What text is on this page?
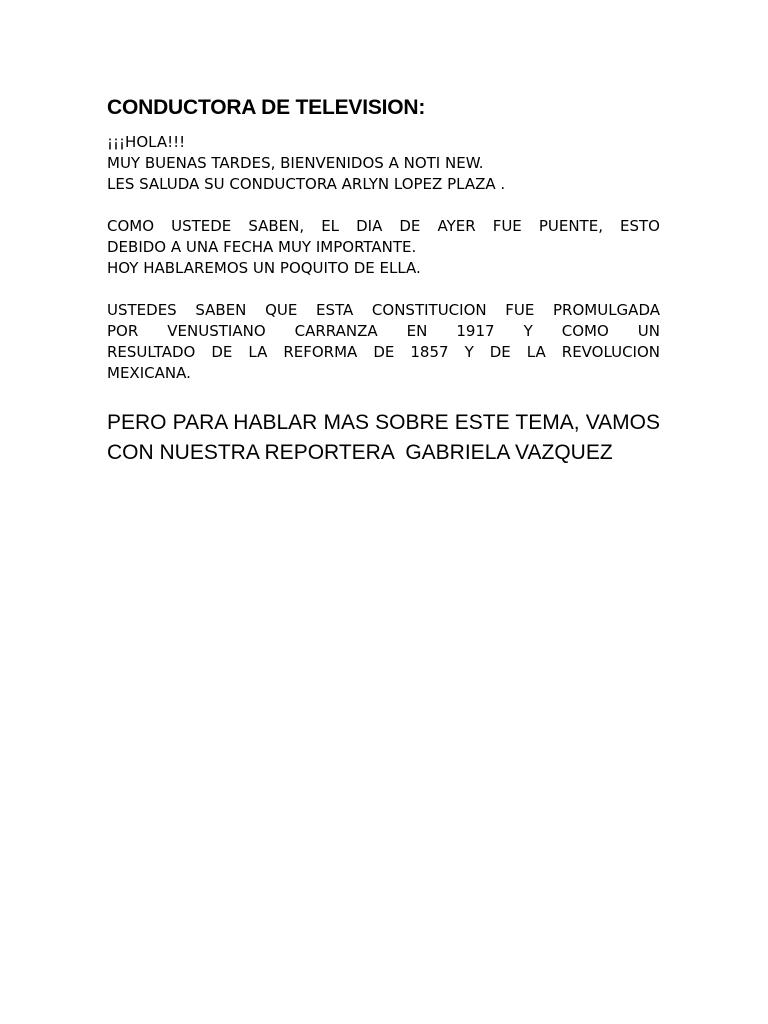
CONDUCTORA DE TELEVISION:
¡¡¡HOLA!!!
MUY BUENAS TARDES, BIENVENIDOS A NOTI NEW.
LES SALUDA SU CONDUCTORA ARLYN LOPEZ PLAZA .
COMO USTEDE SABEN, EL DIA DE AYER FUE PUENTE, ESTO
DEBIDO A UNA FECHA MUY IMPORTANTE.
HOY HABLAREMOS UN POQUITO DE ELLA.
USTEDES SABEN QUE ESTA CONSTITUCION FUE PROMULGADA
POR VENUSTIANO CARRANZA EN 1917 Y COMO UN
RESULTADO DE LA REFORMA DE 1857 Y DE LA REVOLUCION
MEXICANA.
PERO PARA HABLAR MAS SOBRE ESTE TEMA, VAMOS
CON NUESTRA REPORTERA  GABRIELA VAZQUEZ
